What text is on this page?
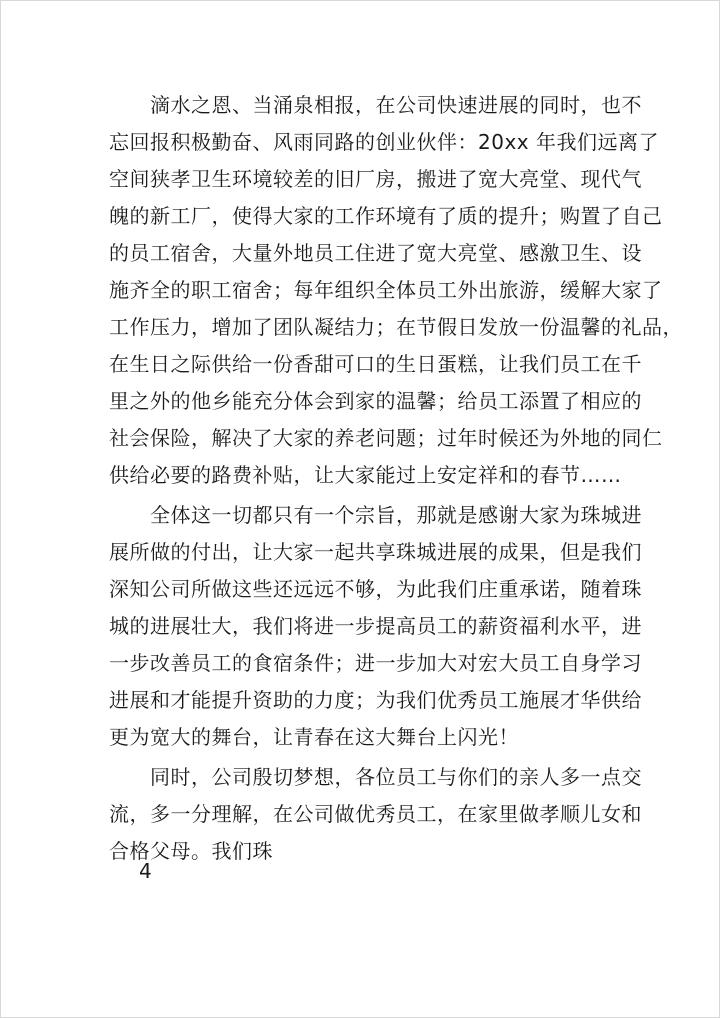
　　滴水之恩、当涌泉相报，在公司快速进展的同时，也不
忘回报积极勤奋、风雨同路的创业伙伴：20xx 年我们远离了
空间狭孝卫生环境较差的旧厂房，搬进了宽大亮堂、现代气
魄的新工厂，使得大家的工作环境有了质的提升；购置了自己
的员工宿舍，大量外地员工住进了宽大亮堂、感激卫生、设
施齐全的职工宿舍；每年组织全体员工外出旅游，缓解大家了
工作压力，增加了团队凝结力；在节假日发放一份温馨的礼品，
在生日之际供给一份香甜可口的生日蛋糕，让我们员工在千
里之外的他乡能充分体会到家的温馨；给员工添置了相应的
社会保险，解决了大家的养老问题；过年时候还为外地的同仁
供给必要的路费补贴，让大家能过上安定祥和的春节……
　　全体这一切都只有一个宗旨，那就是感谢大家为珠城进
展所做的付出，让大家一起共享珠城进展的成果，但是我们
深知公司所做这些还远远不够，为此我们庄重承诺，随着珠
城的进展壮大，我们将进一步提高员工的薪资福利水平，进
一步改善员工的食宿条件；进一步加大对宏大员工自身学习
进展和才能提升资助的力度；为我们优秀员工施展才华供给
更为宽大的舞台，让青春在这大舞台上闪光！
　　同时，公司殷切梦想，各位员工与你们的亲人多一点交
流，多一分理解，在公司做优秀员工，在家里做孝顺儿女和
合格父母。我们珠
4
